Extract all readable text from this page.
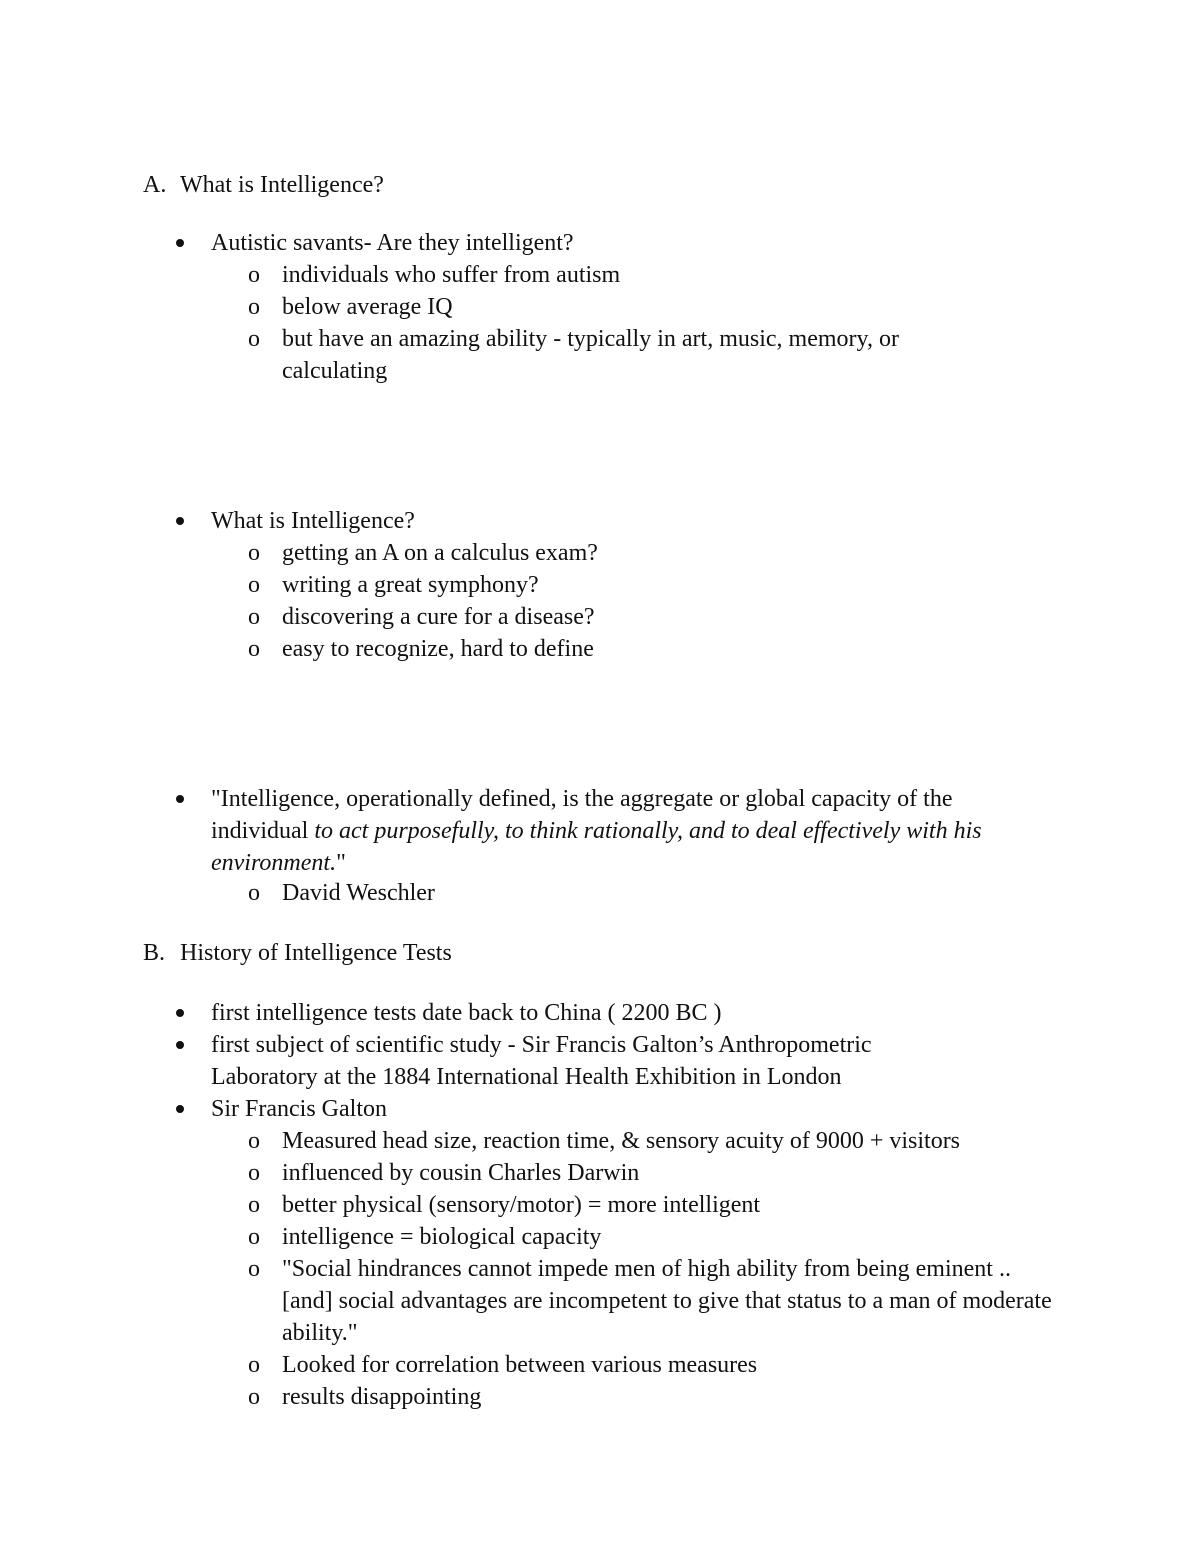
A. What is Intelligence?
Autistic savants- Are they intelligent?
o individuals who suffer from autism
o below average IQ
o but have an amazing ability - typically in art, music, memory, or calculating
What is Intelligence?
o getting an A on a calculus exam?
o writing a great symphony?
o discovering a cure for a disease?
o easy to recognize, hard to define
"Intelligence, operationally defined, is the aggregate or global capacity of the individual to act purposefully, to think rationally, and to deal effectively with his environment."
o David Weschler
B. History of Intelligence Tests
first intelligence tests date back to China ( 2200 BC )
first subject of scientific study - Sir Francis Galton’s Anthropometric Laboratory at the 1884 International Health Exhibition in London
Sir Francis Galton
o Measured head size, reaction time, & sensory acuity of 9000 + visitors
o influenced by cousin Charles Darwin
o better physical (sensory/motor) = more intelligent
o intelligence = biological capacity
o "Social hindrances cannot impede men of high ability from being eminent .. [and] social advantages are incompetent to give that status to a man of moderate ability."
o Looked for correlation between various measures
o results disappointing
